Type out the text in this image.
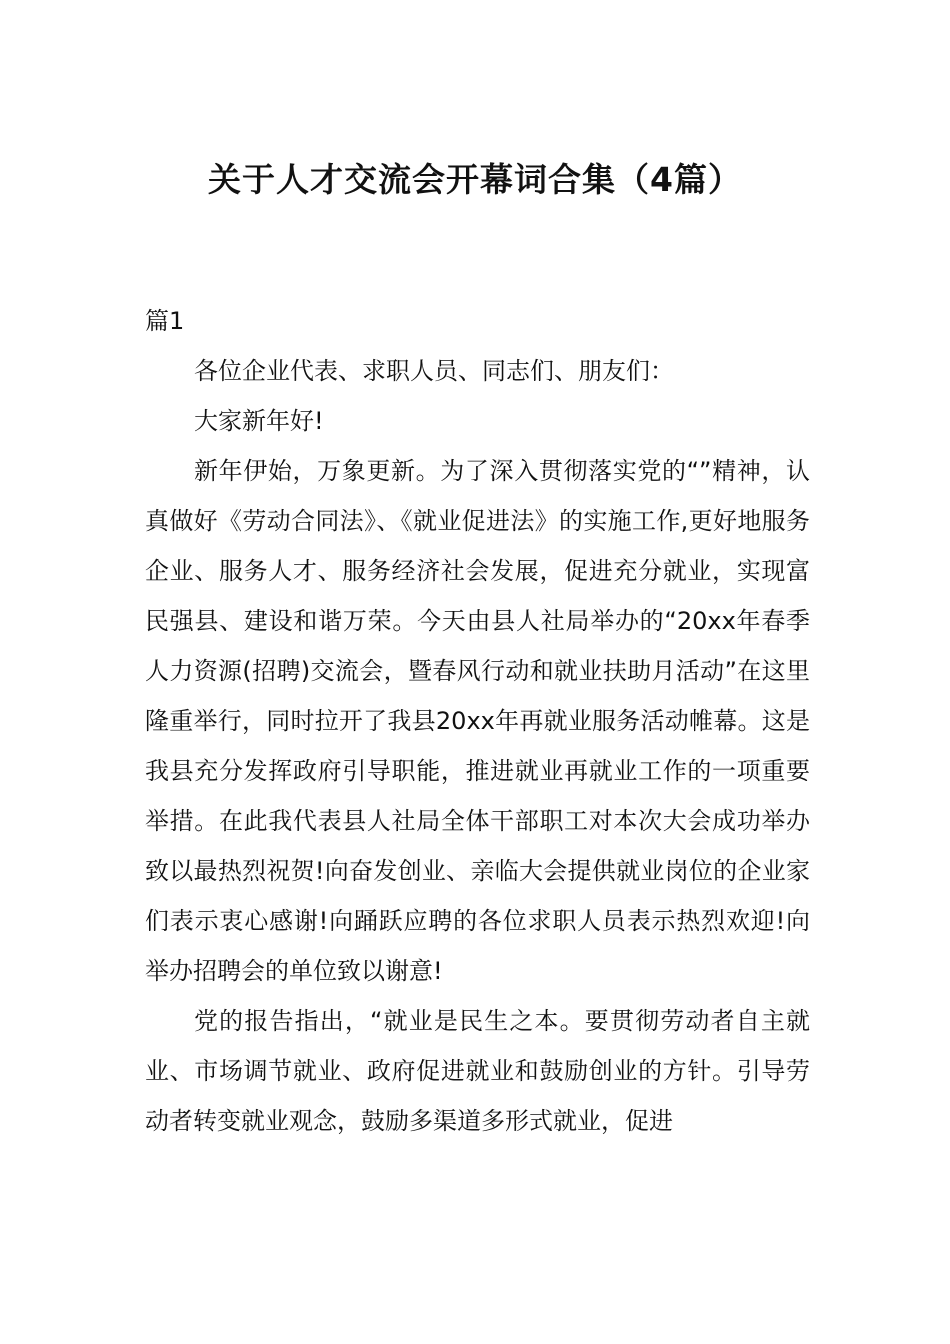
关于人才交流会开幕词合集（4篇）

篇1

各位企业代表、求职人员、同志们、朋友们：

大家新年好!

新年伊始，万象更新。为了深入贯彻落实党的“”精神，认真做好《劳动合同法》、《就业促进法》的实施工作,更好地服务企业、服务人才、服务经济社会发展，促进充分就业，实现富民强县、建设和谐万荣。今天由县人社局举办的“20xx年春季人力资源(招聘)交流会，暨春风行动和就业扶助月活动”在这里隆重举行，同时拉开了我县20xx年再就业服务活动帷幕。这是我县充分发挥政府引导职能，推进就业再就业工作的一项重要举措。在此我代表县人社局全体干部职工对本次大会成功举办致以最热烈祝贺!向奋发创业、亲临大会提供就业岗位的企业家们表示衷心感谢!向踊跃应聘的各位求职人员表示热烈欢迎!向举办招聘会的单位致以谢意!

党的报告指出，“就业是民生之本。要贯彻劳动者自主就业、市场调节就业、政府促进就业和鼓励创业的方针。引导劳动者转变就业观念，鼓励多渠道多形式就业，促进
